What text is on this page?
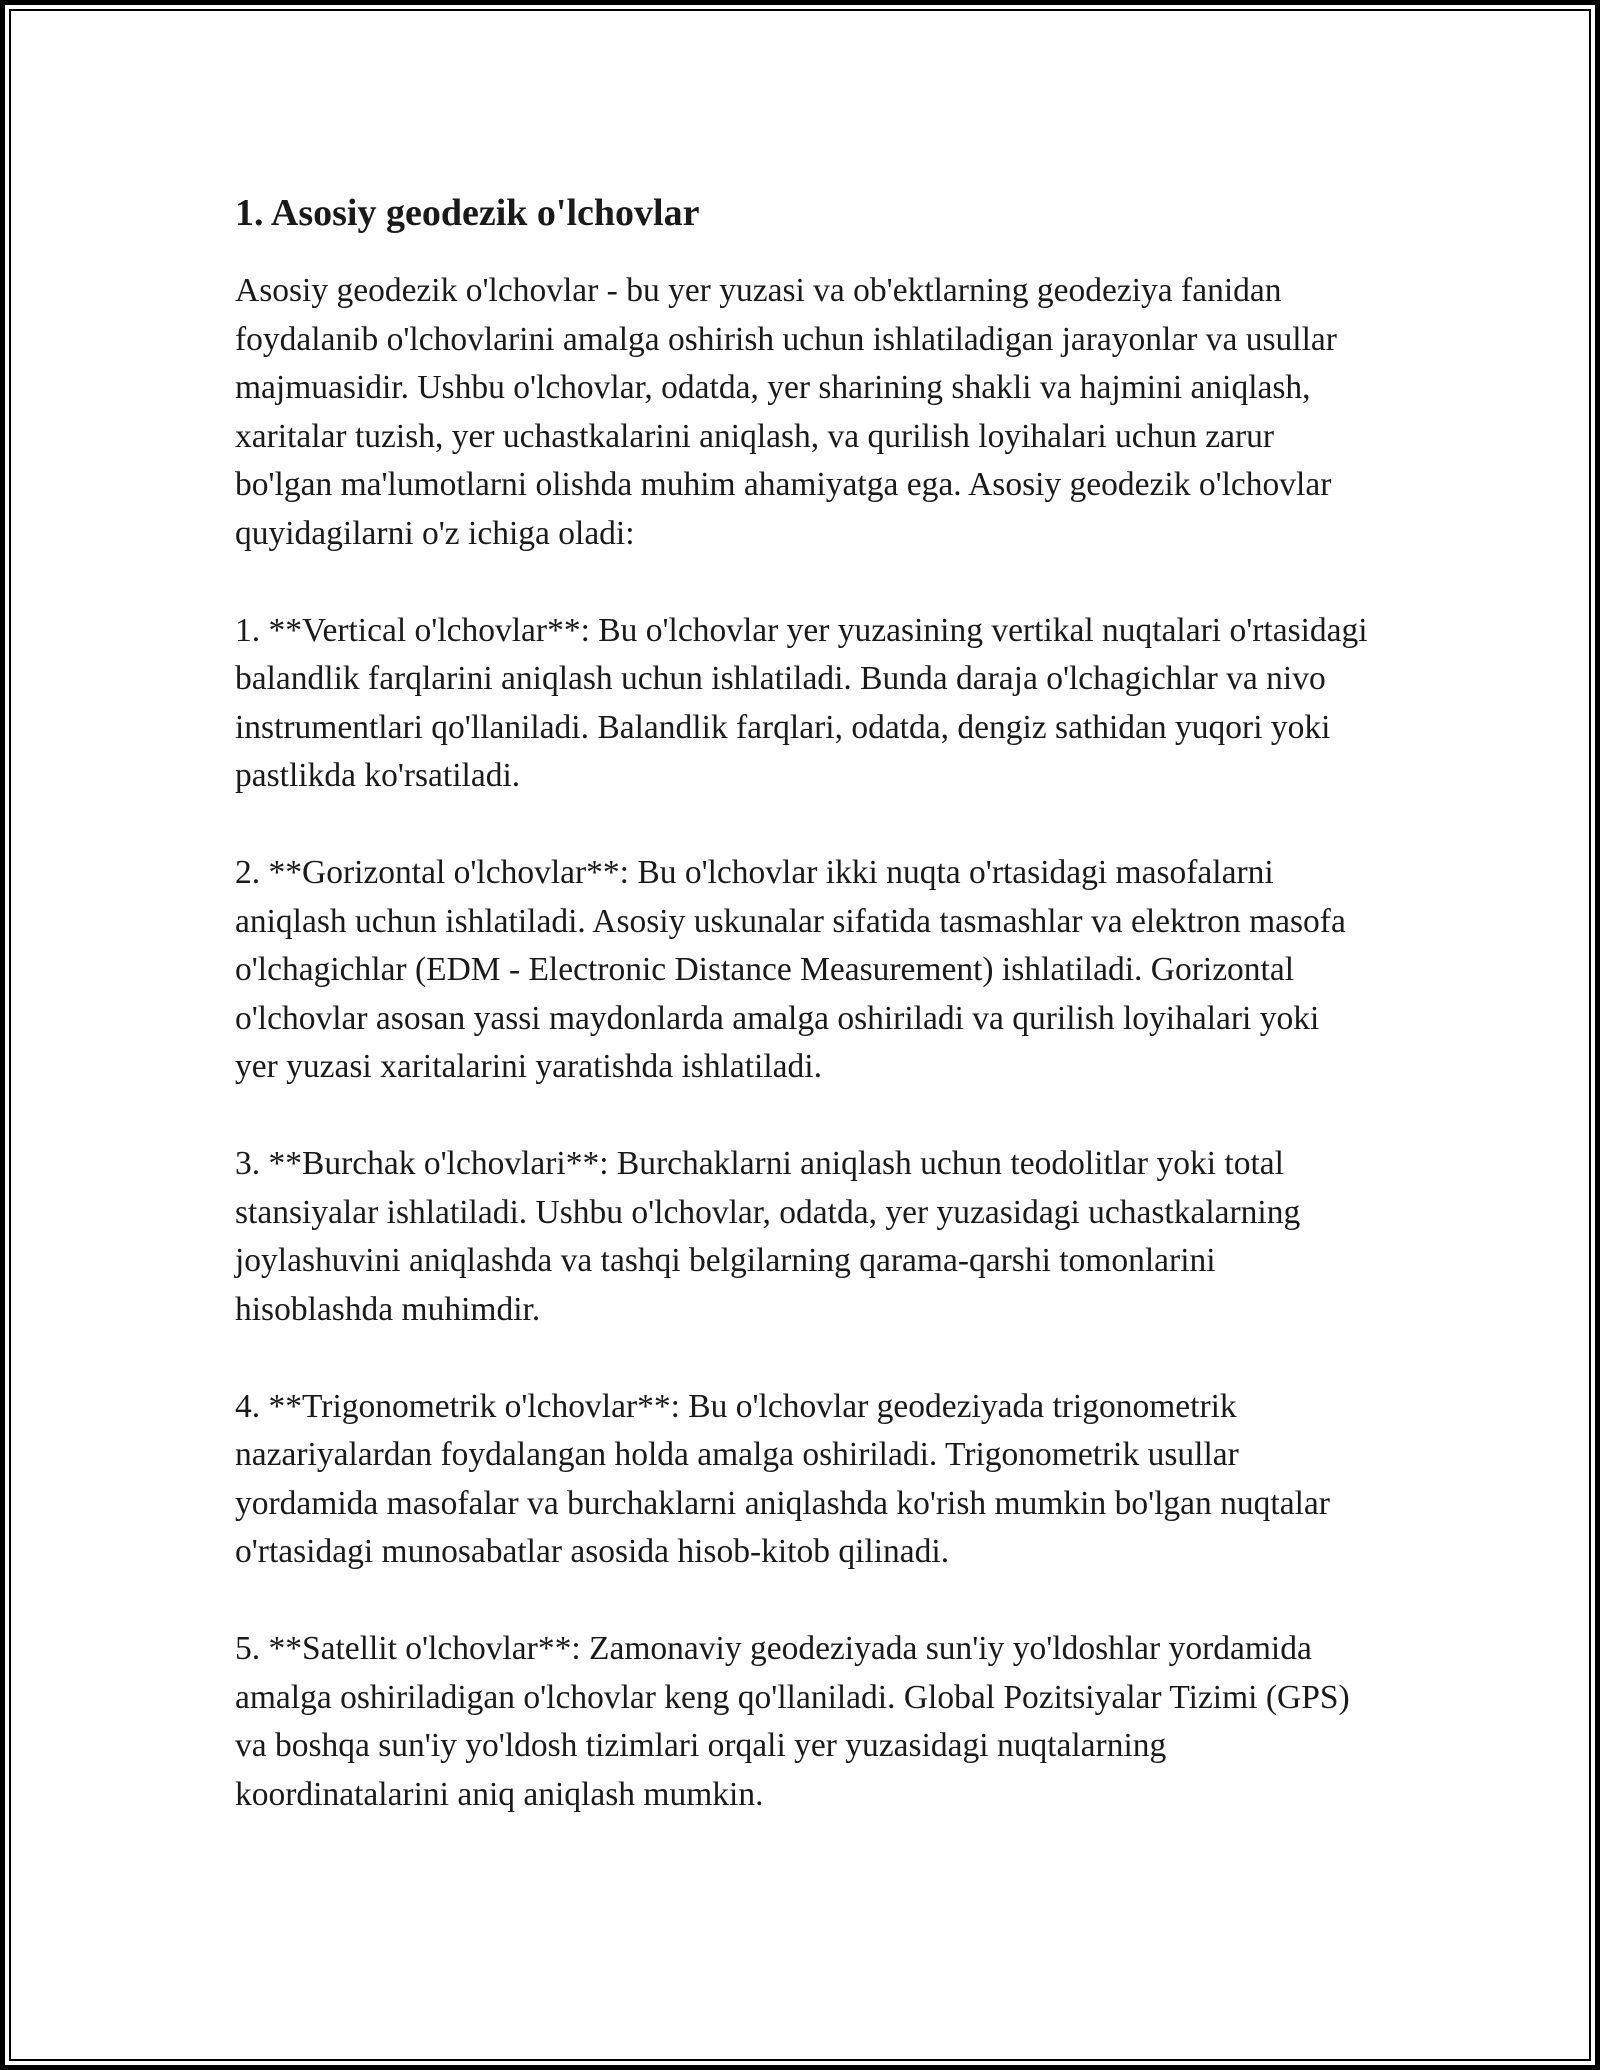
1. Asosiy geodezik o'lchovlar

Asosiy geodezik o'lchovlar - bu yer yuzasi va ob'ektlarning geodeziya fanidan foydalanib o'lchovlarini amalga oshirish uchun ishlatiladigan jarayonlar va usullar majmuasidir. Ushbu o'lchovlar, odatda, yer sharining shakli va hajmini aniqlash, xaritalar tuzish, yer uchastkalarini aniqlash, va qurilish loyihalari uchun zarur bo'lgan ma'lumotlarni olishda muhim ahamiyatga ega. Asosiy geodezik o'lchovlar quyidagilarni o'z ichiga oladi:

1. **Vertical o'lchovlar**: Bu o'lchovlar yer yuzasining vertikal nuqtalari o'rtasidagi balandlik farqlarini aniqlash uchun ishlatiladi. Bunda daraja o'lchagichlar va nivo instrumentlari qo'llaniladi. Balandlik farqlari, odatda, dengiz sathidan yuqori yoki pastlikda ko'rsatiladi.

2. **Gorizontal o'lchovlar**: Bu o'lchovlar ikki nuqta o'rtasidagi masofalarni aniqlash uchun ishlatiladi. Asosiy uskunalar sifatida tasmashlar va elektron masofa o'lchagichlar (EDM - Electronic Distance Measurement) ishlatiladi. Gorizontal o'lchovlar asosan yassi maydonlarda amalga oshiriladi va qurilish loyihalari yoki yer yuzasi xaritalarini yaratishda ishlatiladi.

3. **Burchak o'lchovlari**: Burchaklarni aniqlash uchun teodolitlar yoki total stansiyalar ishlatiladi. Ushbu o'lchovlar, odatda, yer yuzasidagi uchastkalarning joylashuvini aniqlashda va tashqi belgilarning qarama-qarshi tomonlarini hisoblashda muhimdir.

4. **Trigonometrik o'lchovlar**: Bu o'lchovlar geodeziyada trigonometrik nazariyalardan foydalangan holda amalga oshiriladi. Trigonometrik usullar yordamida masofalar va burchaklarni aniqlashda ko'rish mumkin bo'lgan nuqtalar o'rtasidagi munosabatlar asosida hisob-kitob qilinadi.

5. **Satellit o'lchovlar**: Zamonaviy geodeziyada sun'iy yo'ldoshlar yordamida amalga oshiriladigan o'lchovlar keng qo'llaniladi. Global Pozitsiyalar Tizimi (GPS) va boshqa sun'iy yo'ldosh tizimlari orqali yer yuzasidagi nuqtalarning koordinatalarini aniq aniqlash mumkin.
